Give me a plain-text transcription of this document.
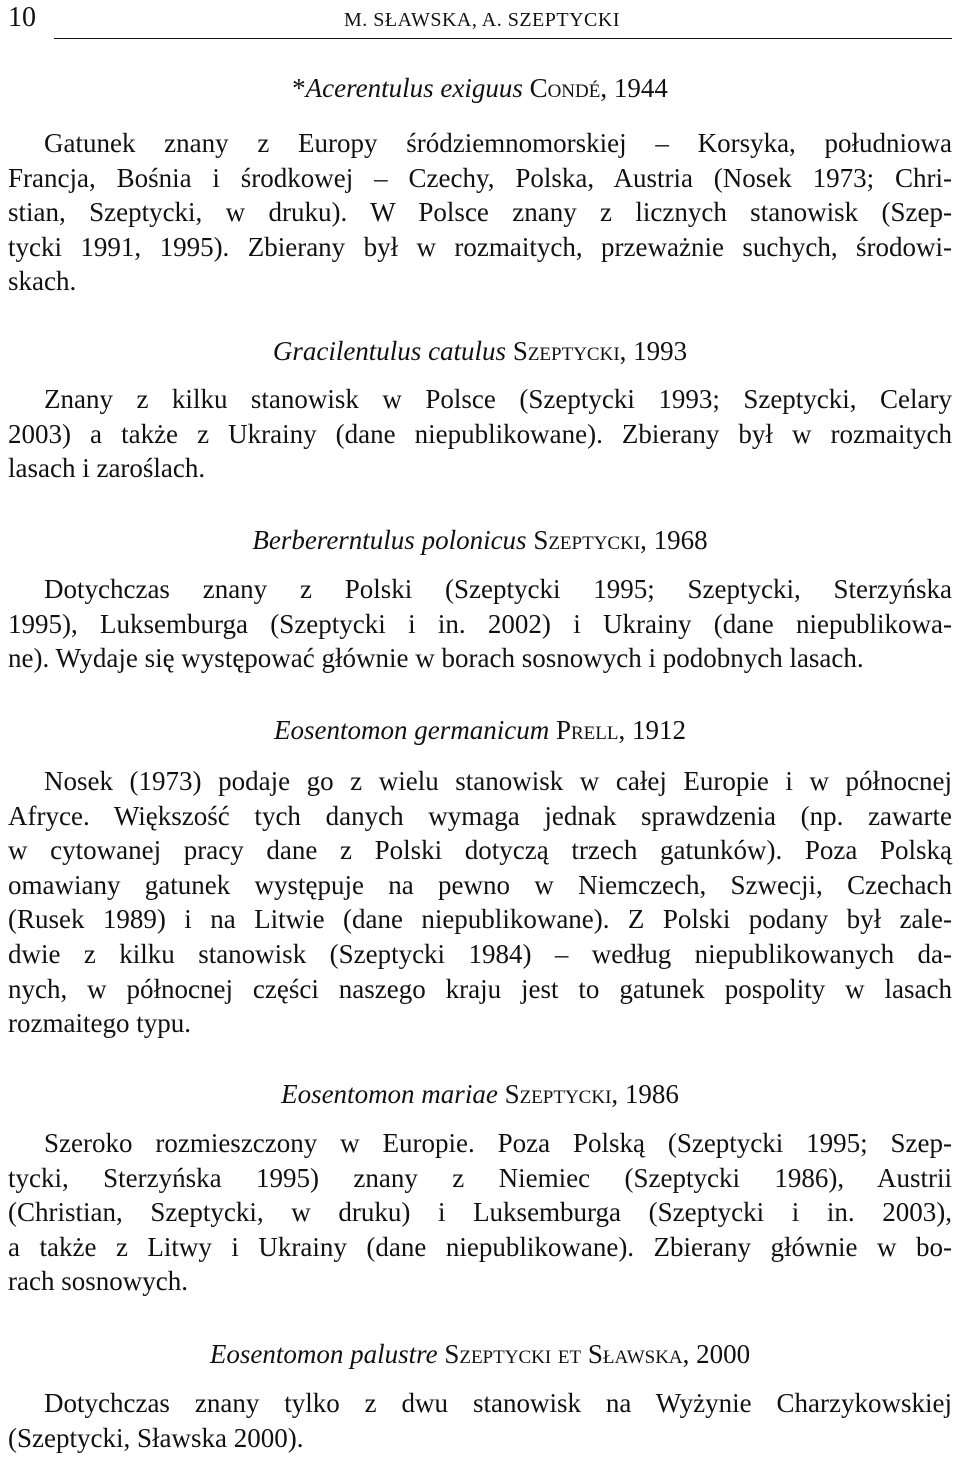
10	M. SŁAWSKA, A. SZEPTYCKI
*Acerentulus exiguus Condé, 1944
Gatunek znany z Europy śródziemnomorskiej – Korsyka, południowa
Francja, Bośnia i środkowej – Czechy, Polska, Austria (Nosek 1973; Chri-
stian, Szeptycki, w druku). W Polsce znany z licznych stanowisk (Szep-
tycki 1991, 1995). Zbierany był w rozmaitych, przeważnie suchych, środowi-
skach.
Gracilentulus catulus Szeptycki, 1993
Znany z kilku stanowisk w Polsce (Szeptycki 1993; Szeptycki, Celary
2003) a także z Ukrainy (dane niepublikowane). Zbierany był w rozmaitych
lasach i zaroślach.
Berbererntulus polonicus Szeptycki, 1968
Dotychczas znany z Polski (Szeptycki 1995; Szeptycki, Sterzyńska
1995), Luksemburga (Szeptycki i in. 2002) i Ukrainy (dane niepublikowa-
ne). Wydaje się występować głównie w borach sosnowych i podobnych lasach.
Eosentomon germanicum Prell, 1912
Nosek (1973) podaje go z wielu stanowisk w całej Europie i w północnej
Afryce. Większość tych danych wymaga jednak sprawdzenia (np. zawarte
w cytowanej pracy dane z Polski dotyczą trzech gatunków). Poza Polską
omawiany gatunek występuje na pewno w Niemczech, Szwecji, Czechach
(Rusek 1989) i na Litwie (dane niepublikowane). Z Polski podany był zale-
dwie z kilku stanowisk (Szeptycki 1984) – według niepublikowanych da-
nych, w północnej części naszego kraju jest to gatunek pospolity w lasach
rozmaitego typu.
Eosentomon mariae Szeptycki, 1986
Szeroko rozmieszczony w Europie. Poza Polską (Szeptycki 1995; Szep-
tycki, Sterzyńska 1995) znany z Niemiec (Szeptycki 1986), Austrii
(Christian, Szeptycki, w druku) i Luksemburga (Szeptycki i in. 2003),
a także z Litwy i Ukrainy (dane niepublikowane). Zbierany głównie w bo-
rach sosnowych.
Eosentomon palustre Szeptycki et Sławska, 2000
Dotychczas znany tylko z dwu stanowisk na Wyżynie Charzykowskiej
(Szeptycki, Sławska 2000).
